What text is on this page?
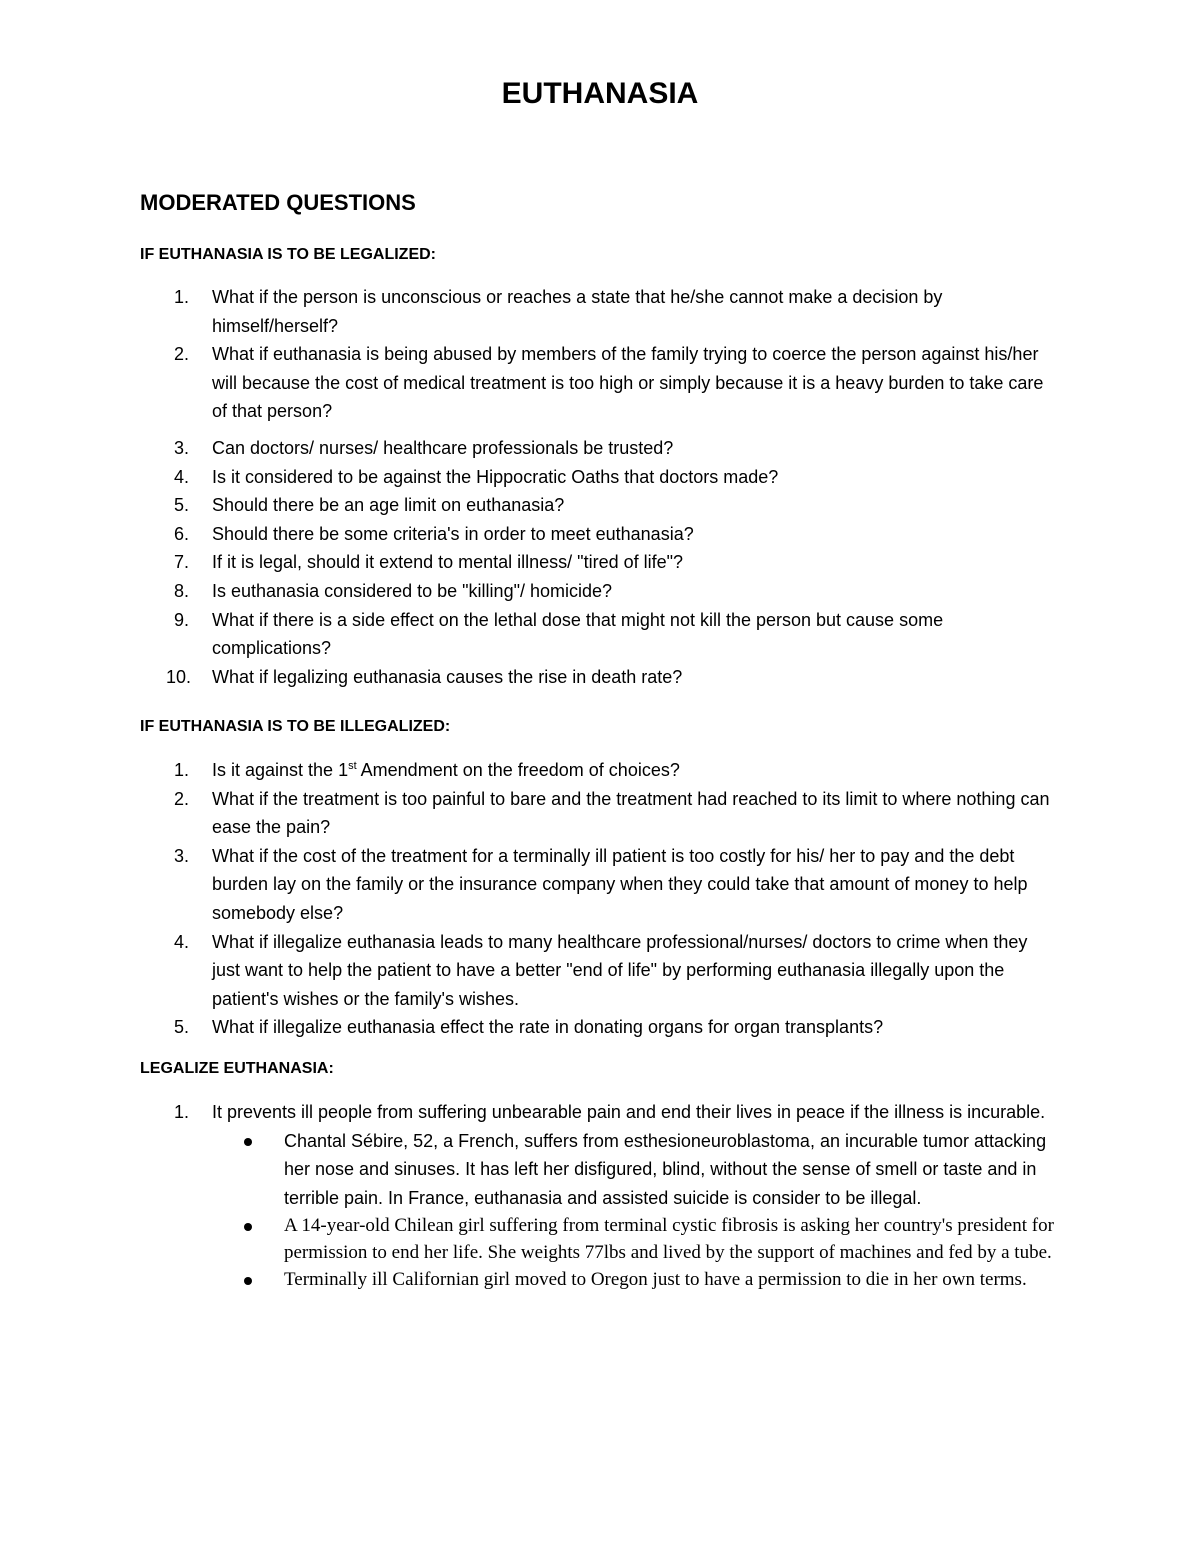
EUTHANASIA
MODERATED QUESTIONS
IF EUTHANASIA IS TO BE LEGALIZED:
1. What if the person is unconscious or reaches a state that he/she cannot make a decision by himself/herself?
2. What if euthanasia is being abused by members of the family trying to coerce the person against his/her will because the cost of medical treatment is too high or simply because it is a heavy burden to take care of that person?
3. Can doctors/ nurses/ healthcare professionals be trusted?
4. Is it considered to be against the Hippocratic Oaths that doctors made?
5. Should there be an age limit on euthanasia?
6. Should there be some criteria's in order to meet euthanasia?
7. If it is legal, should it extend to mental illness/ "tired of life"?
8. Is euthanasia considered to be "killing"/ homicide?
9. What if there is a side effect on the lethal dose that might not kill the person but cause some complications?
10. What if legalizing euthanasia causes the rise in death rate?
IF EUTHANASIA IS TO BE ILLEGALIZED:
1. Is it against the 1st Amendment on the freedom of choices?
2. What if the treatment is too painful to bare and the treatment had reached to its limit to where nothing can ease the pain?
3. What if the cost of the treatment for a terminally ill patient is too costly for his/ her to pay and the debt burden lay on the family or the insurance company when they could take that amount of money to help somebody else?
4. What if illegalize euthanasia leads to many healthcare professional/nurses/ doctors to crime when they just want to help the patient to have a better "end of life" by performing euthanasia illegally upon the patient's wishes or the family's wishes.
5. What if illegalize euthanasia effect the rate in donating organs for organ transplants?
LEGALIZE EUTHANASIA:
1. It prevents ill people from suffering unbearable pain and end their lives in peace if the illness is incurable.
Chantal Sébire, 52, a French, suffers from esthesioneuroblastoma, an incurable tumor attacking her nose and sinuses. It has left her disfigured, blind, without the sense of smell or taste and in terrible pain. In France, euthanasia and assisted suicide is consider to be illegal.
A 14-year-old Chilean girl suffering from terminal cystic fibrosis is asking her country's president for permission to end her life. She weights 77lbs and lived by the support of machines and fed by a tube.
Terminally ill Californian girl moved to Oregon just to have a permission to die in her own terms.
